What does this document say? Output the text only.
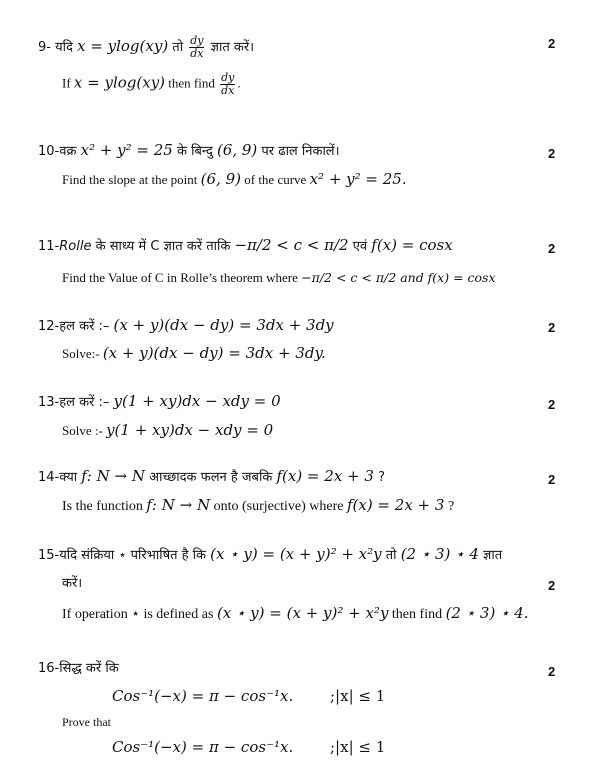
9- यदि x = ylog(xy) तो $\frac{dy}{dx}$ ज्ञात करें।	2
If x = ylog(xy) then find $\frac{dy}{dx}$ .
10-वक्र x² + y² = 25 के बिन्दु (6, 9) पर ढाल निकालें।	2
Find the slope at the point (6, 9) of the curve x² + y² = 25.
11-Rolle के साध्य में C ज्ञात करें ताकि −π/2 < c < π/2 एवं f(x) = cosx	2
Find the Value of C in Rolle’s theorem where −π/2 < c < π/2 and f(x) = cosx
12-हल करें :– (x + y)(dx − dy) = 3dx + 3dy	2
Solve:- (x + y)(dx − dy) = 3dx + 3dy.
13-हल करें :– y(1 + xy)dx − xdy = 0	2
Solve :- y(1 + xy)dx − xdy = 0
14-क्या f: N → N आच्छादक फलन है जबकि f(x) = 2x + 3 ?	2
Is the function f: N → N onto (surjective) where f(x) = 2x + 3 ?
15-यदि संक्रिया ⋆ परिभाषित है कि (x ⋆ y) = (x + y)² + x²y तो (2 ⋆ 3) ⋆ 4 ज्ञात
करें।	2
If operation ⋆ is defined as (x ⋆ y) = (x + y)² + x²y then find (2 ⋆ 3) ⋆ 4.
16-सिद्ध करें कि	2
Cos⁻¹(−x) = π − cos⁻¹x. ;|x| ≤ 1
Prove that
Cos⁻¹(−x) = π − cos⁻¹x. ;|x| ≤ 1
